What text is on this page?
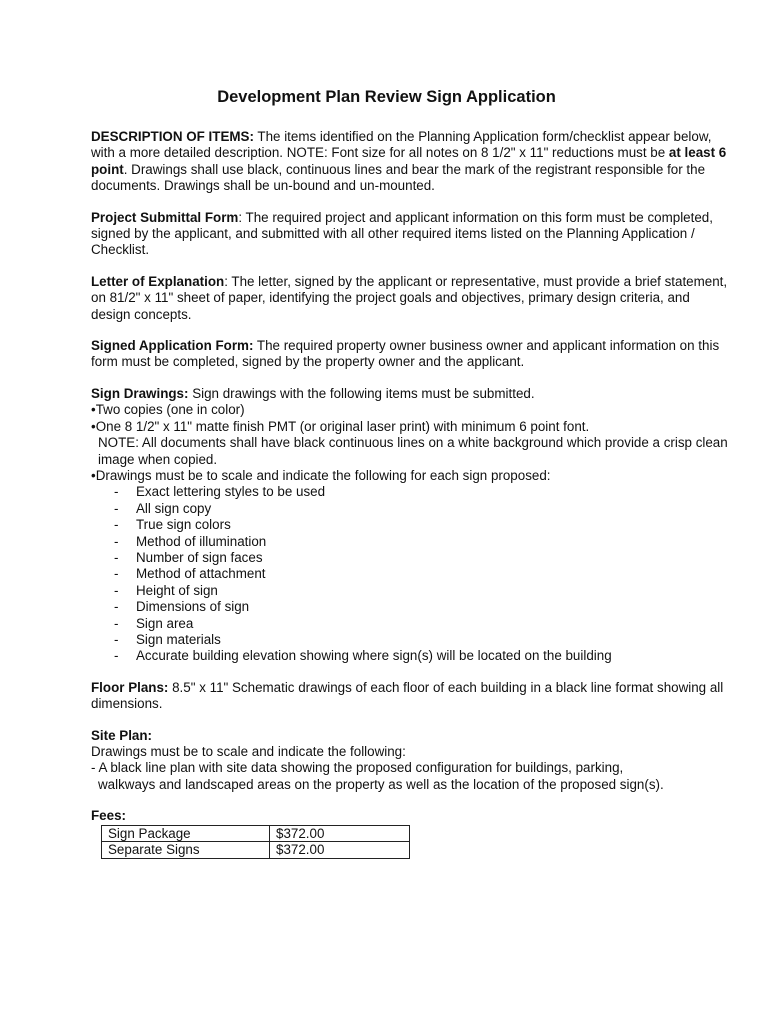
Development Plan Review Sign Application

DESCRIPTION OF ITEMS: The items identified on the Planning Application form/checklist appear below, with a more detailed description. NOTE: Font size for all notes on 8 1/2" x 11" reductions must be at least 6 point. Drawings shall use black, continuous lines and bear the mark of the registrant responsible for the documents. Drawings shall be un-bound and un-mounted.

Project Submittal Form: The required project and applicant information on this form must be completed, signed by the applicant, and submitted with all other required items listed on the Planning Application / Checklist.

Letter of Explanation: The letter, signed by the applicant or representative, must provide a brief statement, on 81/2" x 11" sheet of paper, identifying the project goals and objectives, primary design criteria, and design concepts.

Signed Application Form: The required property owner business owner and applicant information on this form must be completed, signed by the property owner and the applicant.

Sign Drawings: Sign drawings with the following items must be submitted.
• Two copies (one in color)
• One 8 1/2" x 11" matte finish PMT (or original laser print) with minimum 6 point font.
NOTE: All documents shall have black continuous lines on a white background which provide a crisp clean image when copied.
• Drawings must be to scale and indicate the following for each sign proposed:
- Exact lettering styles to be used
- All sign copy
- True sign colors
- Method of illumination
- Number of sign faces
- Method of attachment
- Height of sign
- Dimensions of sign
- Sign area
- Sign materials
- Accurate building elevation showing where sign(s) will be located on the building

Floor Plans: 8.5" x 11" Schematic drawings of each floor of each building in a black line format showing all dimensions.

Site Plan:
Drawings must be to scale and indicate the following:
- A black line plan with site data showing the proposed configuration for buildings, parking,
walkways and landscaped areas on the property as well as the location of the proposed sign(s).

Fees:
Sign Package	$372.00
Separate Signs	$372.00
